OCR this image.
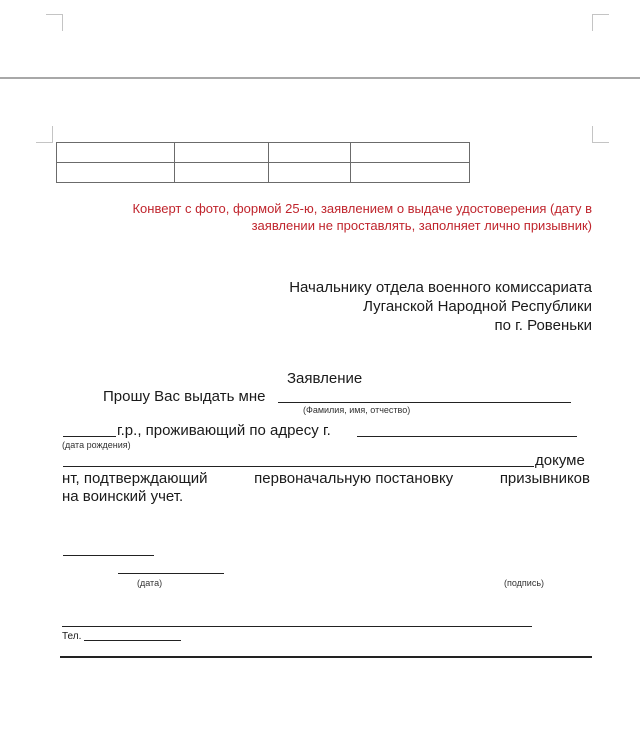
Конверт с фото, формой 25-ю, заявлением о выдаче удостоверения (дату в
заявлении не проставлять, заполняет лично призывник)
Начальнику отдела военного комиссариата
Луганской Народной Республики
по г. Ровеньки
Заявление
Прошу Вас выдать мне
(Фамилия, имя, отчество)
г.р., проживающий по адресу г.
(дата рождения)
докуме
нт, подтверждающий	первоначальную постановку	призывников
на воинский учет.
(дата)	(подпись)
Тел.
